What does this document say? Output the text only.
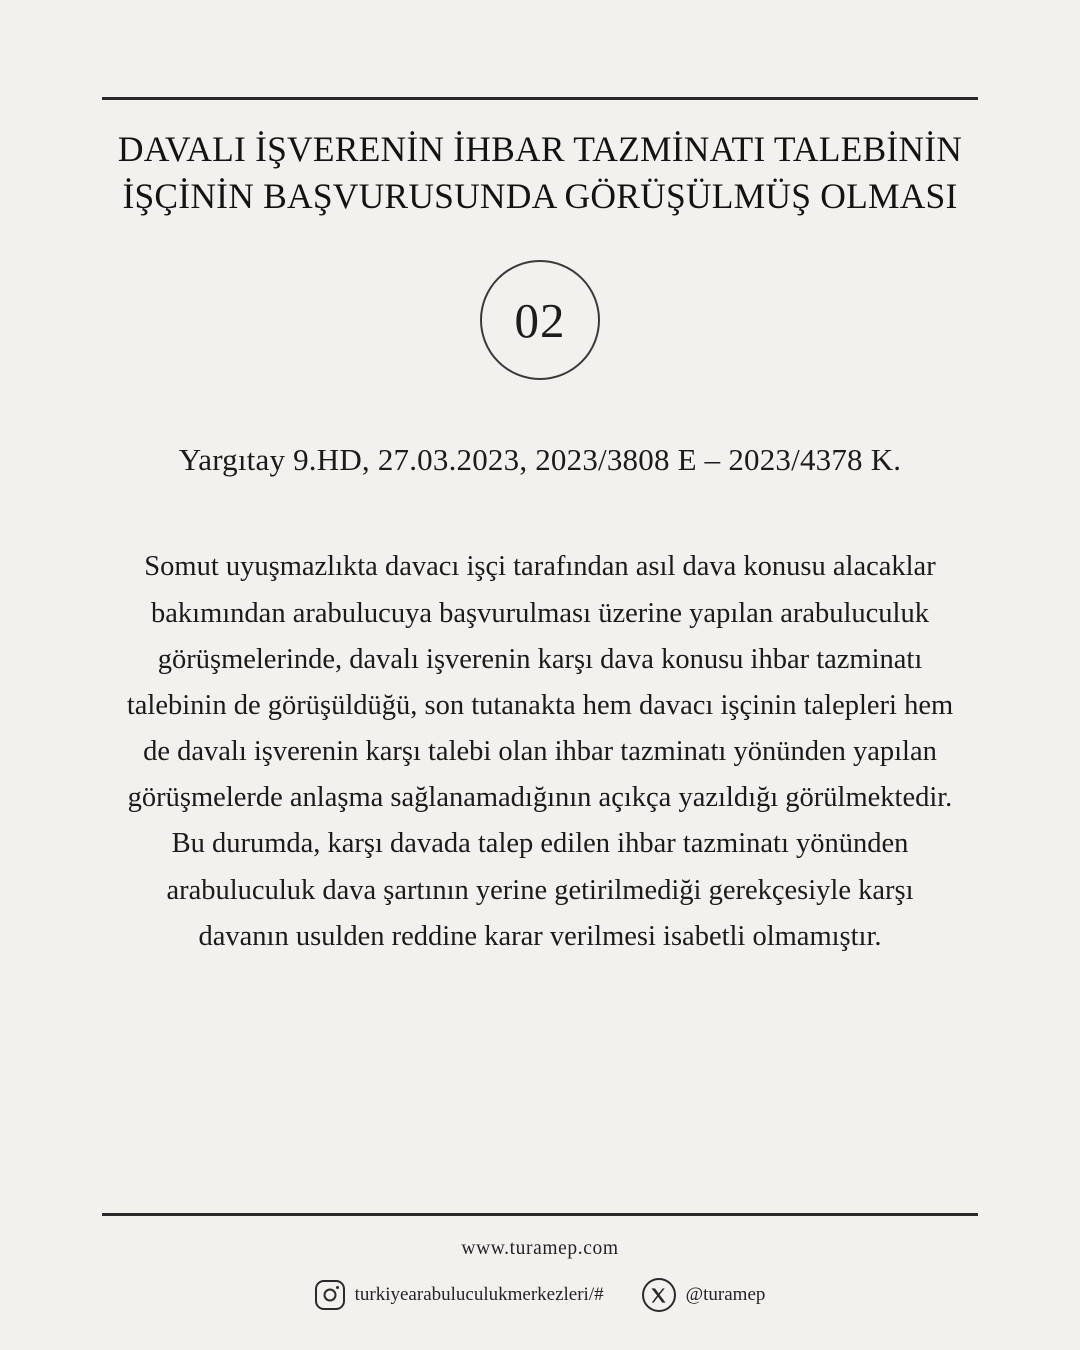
DAVALI İŞVERENİN İHBAR TAZMİNATI TALEBİNİN İŞÇİNİN BAŞVURUSUNDA GÖRÜŞÜLMÜŞ OLMASI
02
Yargıtay 9.HD, 27.03.2023, 2023/3808 E – 2023/4378 K.
Somut uyuşmazlıkta davacı işçi tarafından asıl dava konusu alacaklar bakımından arabulucuya başvurulması üzerine yapılan arabuluculuk görüşmelerinde, davalı işverenin karşı dava konusu ihbar tazminatı talebinin de görüşüldüğü, son tutanakta hem davacı işçinin talepleri hem de davalı işverenin karşı talebi olan ihbar tazminatı yönünden yapılan görüşmelerde anlaşma sağlanamadığının açıkça yazıldığı görülmektedir. Bu durumda, karşı davada talep edilen ihbar tazminatı yönünden arabuluculuk dava şartının yerine getirilmediği gerekçesiyle karşı davanın usulden reddine karar verilmesi isabetli olmamıştır.
www.turamep.com
turkiyearabuluculukmerkezleri/#	@turamep
